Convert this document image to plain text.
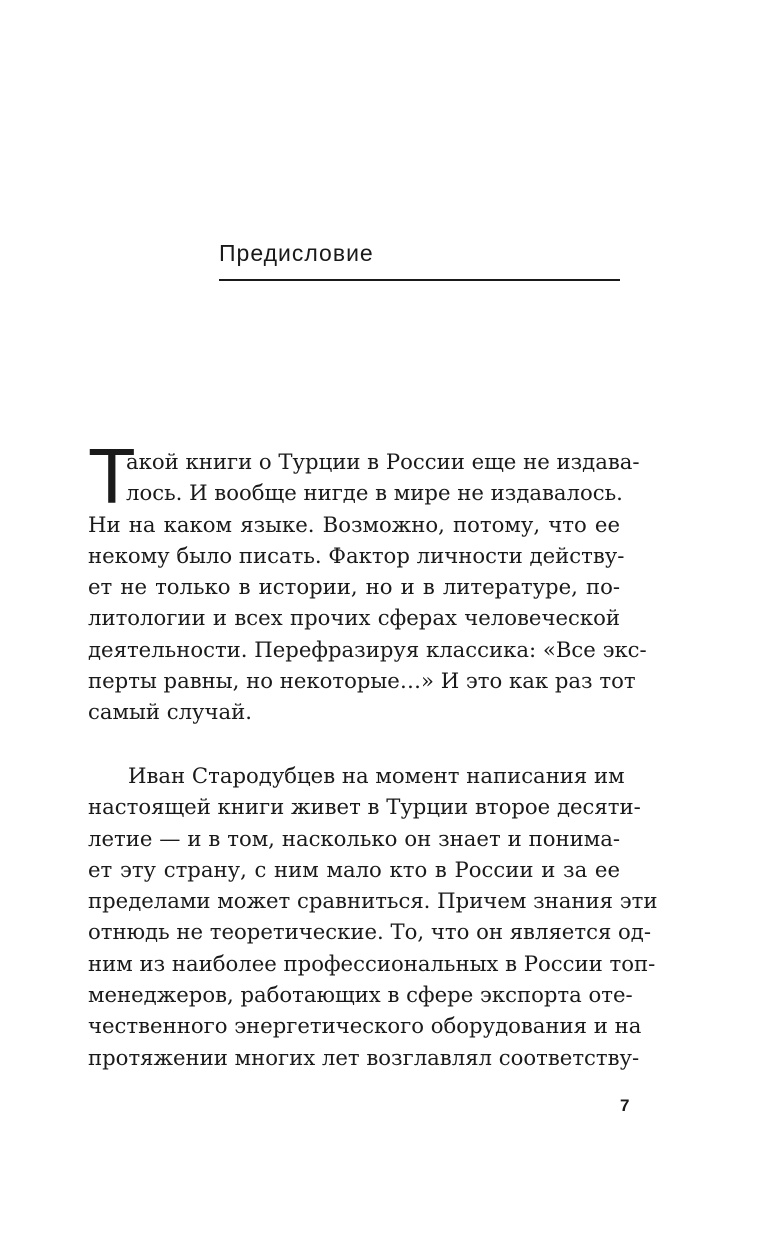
Предисловие
Т
акой книги о Турции в России еще не издава-
лось. И вообще нигде в мире не издавалось.
Ни на каком языке. Возможно, потому, что ее
некому было писать. Фактор личности действу-
ет не только в истории, но и в литературе, по-
литологии и всех прочих сферах человеческой
деятельности. Перефразируя классика: «Все экс-
перты равны, но некоторые…» И это как раз тот
самый случай.
Иван Стародубцев на момент написания им
настоящей книги живет в Турции второе десяти-
летие — и в том, насколько он знает и понима-
ет эту страну, с ним мало кто в России и за ее
пределами может сравниться. Причем знания эти
отнюдь не теоретические. То, что он является од-
ним из наиболее профессиональных в России топ-
менеджеров, работающих в сфере экспорта оте-
чественного энергетического оборудования и на
протяжении многих лет возглавлял соответству-
7
